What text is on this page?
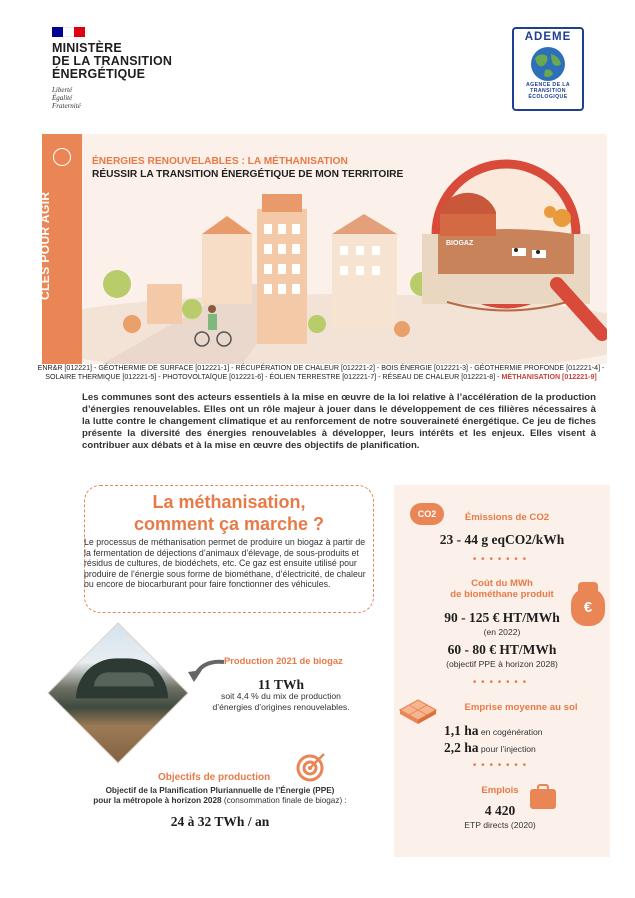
MINISTÈRE
DE LA TRANSITION
ÉNERGÉTIQUE
Liberté
Égalité
Fraternité
ADEME
AGENCE DE LA
TRANSITION
ÉCOLOGIQUE
CLÉS POUR AGIR
ÉNERGIES RENOUVELABLES : LA MÉTHANISATION
RÉUSSIR LA TRANSITION ÉNERGÉTIQUE DE MON TERRITOIRE
BIOGAZ
ENR&R [012221] - GÉOTHERMIE DE SURFACE [012221-1] - RÉCUPÉRATION DE CHALEUR [012221-2] - BOIS ÉNERGIE [012221-3] - GÉOTHERMIE PROFONDE [012221-4] -
SOLAIRE THERMIQUE [012221-5] - PHOTOVOLTAÏQUE [012221-6] - ÉOLIEN TERRESTRE [012221-7] - RÉSEAU DE CHALEUR [012221-8] - MÉTHANISATION [012221-9]
Les communes sont des acteurs essentiels à la mise en œuvre de la loi relative à l’accélération de la production d’énergies renouvelables. Elles ont un rôle majeur à jouer dans le développement de ces filières nécessaires à la lutte contre le changement climatique et au renforcement de notre souveraineté énergétique. Ce jeu de fiches présente la diversité des énergies renouvelables à développer, leurs intérêts et les enjeux. Elles visent à contribuer aux débats et à la mise en œuvre des objectifs de planification.
La méthanisation,
comment ça marche ?
Le processus de méthanisation permet de produire un biogaz à partir de la fermentation de déjections d’animaux d’élevage, de sous-produits et résidus de cultures, de biodéchets, etc. Ce gaz est ensuite utilisé pour produire de l’énergie sous forme de biométhane, d’électricité, de chaleur ou encore de biocarburant pour faire fonctionner des véhicules.
Production 2021 de biogaz
11 TWh
soit 4,4 % du mix de production
d’énergies d’origines renouvelables.
Objectifs de production
Objectif de la Planification Pluriannuelle de l’Énergie (PPE)
pour la métropole à horizon 2028 (consommation finale de biogaz) :
24 à 32 TWh / an
CO2	Émissions de CO2
23 - 44 g eqCO2/kWh
• • • • • • •
Coût du MWh
de biométhane produit
€
90 - 125 € HT/MWh
(en 2022)
60 - 80 € HT/MWh
(objectif PPE à horizon 2028)
• • • • • • •
Emprise moyenne au sol
1,1 ha en cogénération
2,2 ha pour l’injection
• • • • • • •
Emplois
4 420
ETP directs (2020)
